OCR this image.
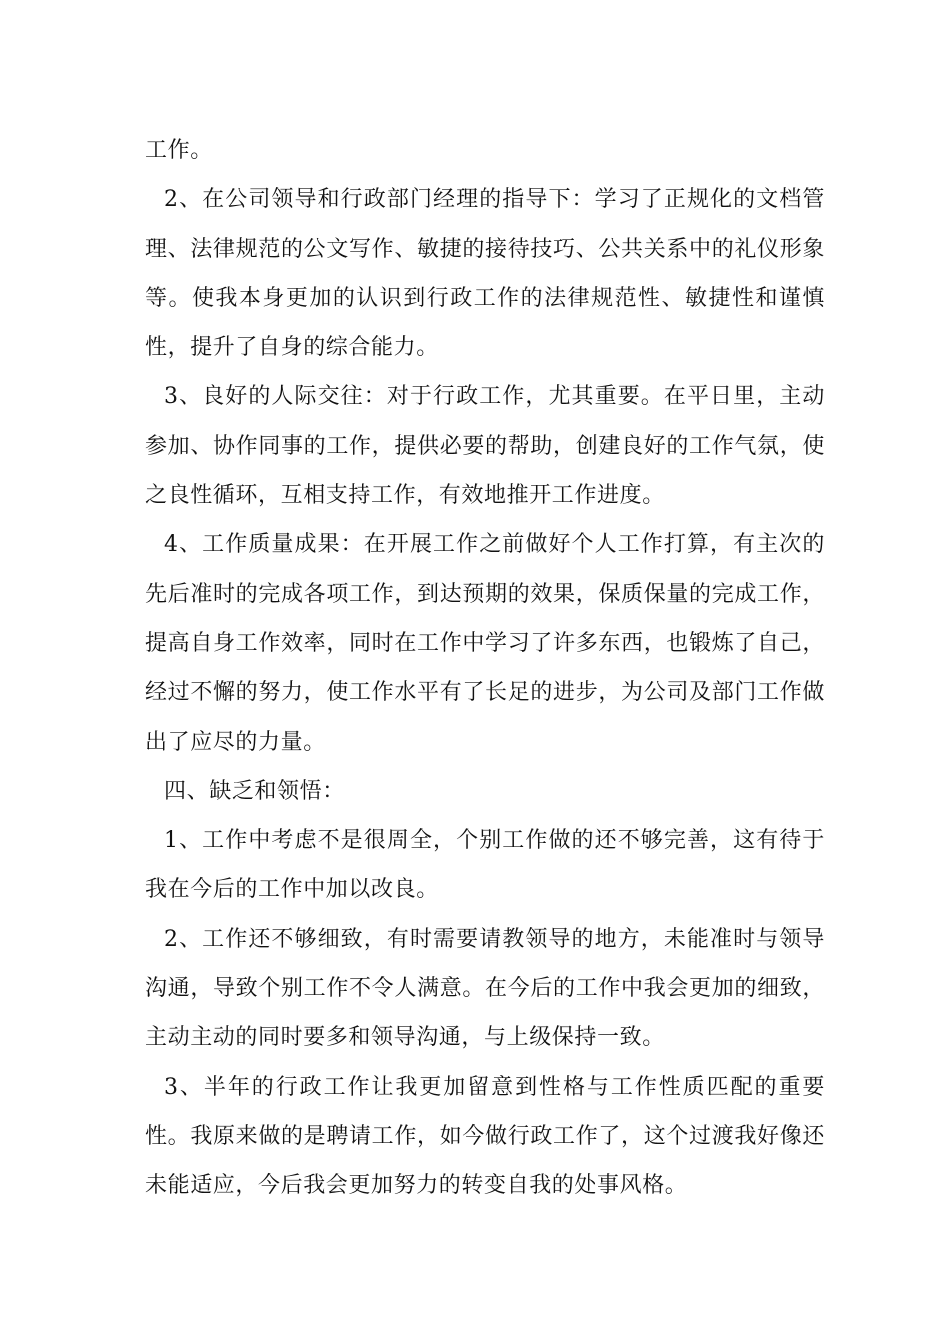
工作。

2、在公司领导和行政部门经理的指导下：学习了正规化的文档管理、法律规范的公文写作、敏捷的接待技巧、公共关系中的礼仪形象等。使我本身更加的认识到行政工作的法律规范性、敏捷性和谨慎性，提升了自身的综合能力。

3、良好的人际交往：对于行政工作，尤其重要。在平日里，主动参加、协作同事的工作，提供必要的帮助，创建良好的工作气氛，使之良性循环，互相支持工作，有效地推开工作进度。

4、工作质量成果：在开展工作之前做好个人工作打算，有主次的先后准时的完成各项工作，到达预期的效果，保质保量的完成工作，提高自身工作效率，同时在工作中学习了许多东西，也锻炼了自己，经过不懈的努力，使工作水平有了长足的进步，为公司及部门工作做出了应尽的力量。

四、缺乏和领悟：

1、工作中考虑不是很周全，个别工作做的还不够完善，这有待于我在今后的工作中加以改良。

2、工作还不够细致，有时需要请教领导的地方，未能准时与领导沟通，导致个别工作不令人满意。在今后的工作中我会更加的细致，主动主动的同时要多和领导沟通，与上级保持一致。

3、半年的行政工作让我更加留意到性格与工作性质匹配的重要性。我原来做的是聘请工作，如今做行政工作了，这个过渡我好像还未能适应，今后我会更加努力的转变自我的处事风格。
